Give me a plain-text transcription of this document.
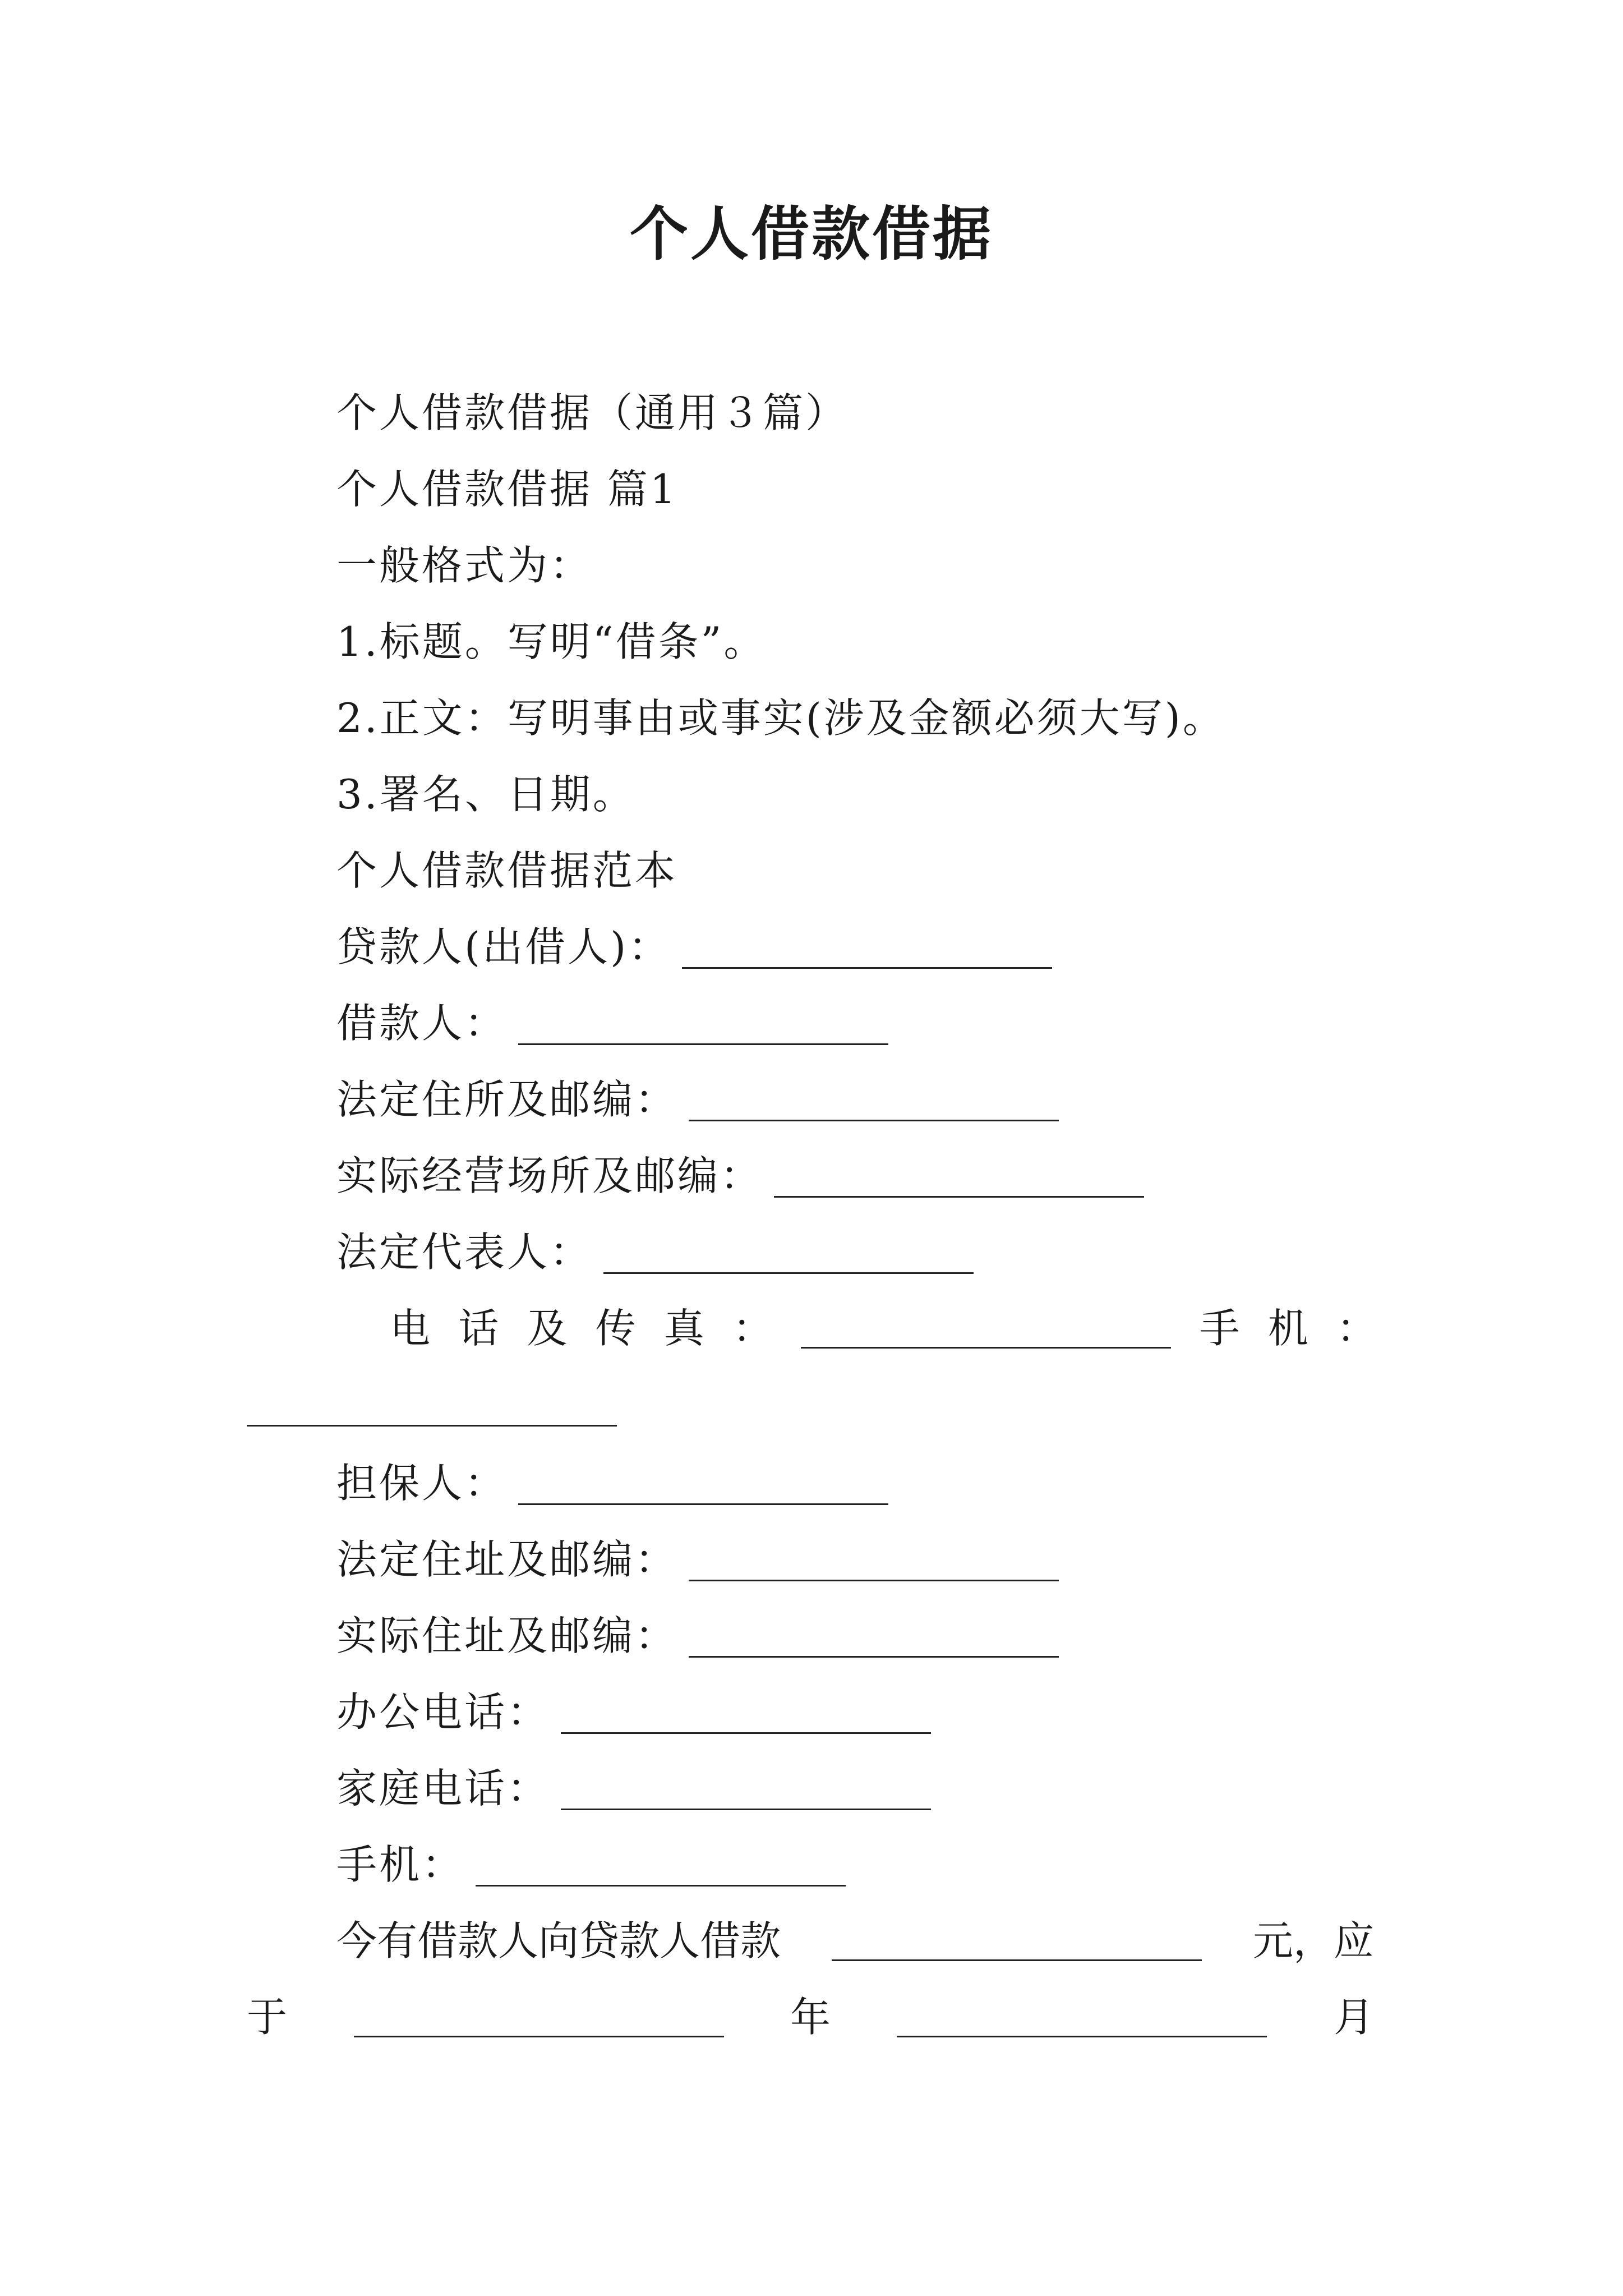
个人借款借据
个人借款借据（通用３篇）
个人借款借据 篇1
一般格式为：
1.标题。写明“借条”。
2.正文：写明事由或事实(涉及金额必须大写)。
3.署名、日期。
个人借款借据范本
贷款人(出借人)：
借款人：
法定住所及邮编：
实际经营场所及邮编：
法定代表人：
电 话 及 传 真 ：	手 机 ：
担保人：
法定住址及邮编：
实际住址及邮编：
办公电话：
家庭电话：
手机：
今有借款人向贷款人借款	元，应
于	年	月
